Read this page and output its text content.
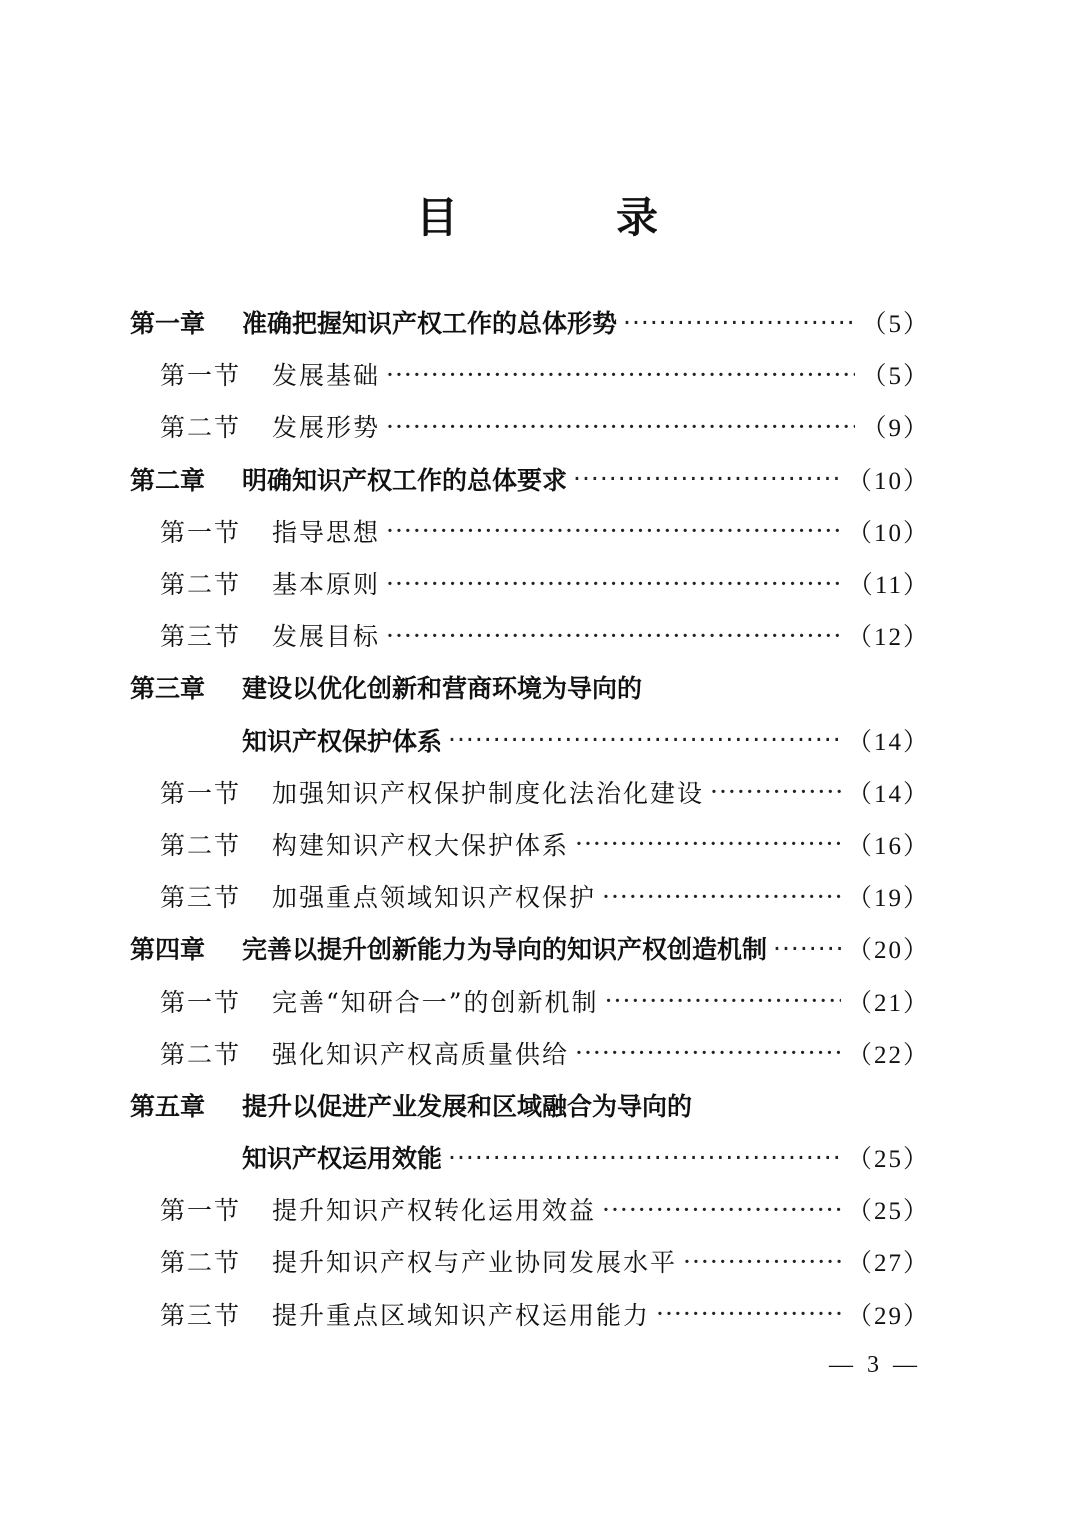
目　录
第一章	准确把握知识产权工作的总体形势 ·····	（5）
第一节	发展基础 ·····	（5）
第二节	发展形势 ·····	（9）
第二章	明确知识产权工作的总体要求 ·····	（10）
第一节	指导思想 ·····	（10）
第二节	基本原则 ·····	（11）
第三节	发展目标 ·····	（12）
第三章	建设以优化创新和营商环境为导向的
知识产权保护体系 ·····	（14）
第一节	加强知识产权保护制度化法治化建设 ·····	（14）
第二节	构建知识产权大保护体系 ·····	（16）
第三节	加强重点领域知识产权保护 ·····	（19）
第四章	完善以提升创新能力为导向的知识产权创造机制 ·····	（20）
第一节	完善“知研合一”的创新机制 ·····	（21）
第二节	强化知识产权高质量供给 ·····	（22）
第五章	提升以促进产业发展和区域融合为导向的
知识产权运用效能 ·····	（25）
第一节	提升知识产权转化运用效益 ·····	（25）
第二节	提升知识产权与产业协同发展水平 ·····	（27）
第三节	提升重点区域知识产权运用能力 ·····	（29）
— 3 —
